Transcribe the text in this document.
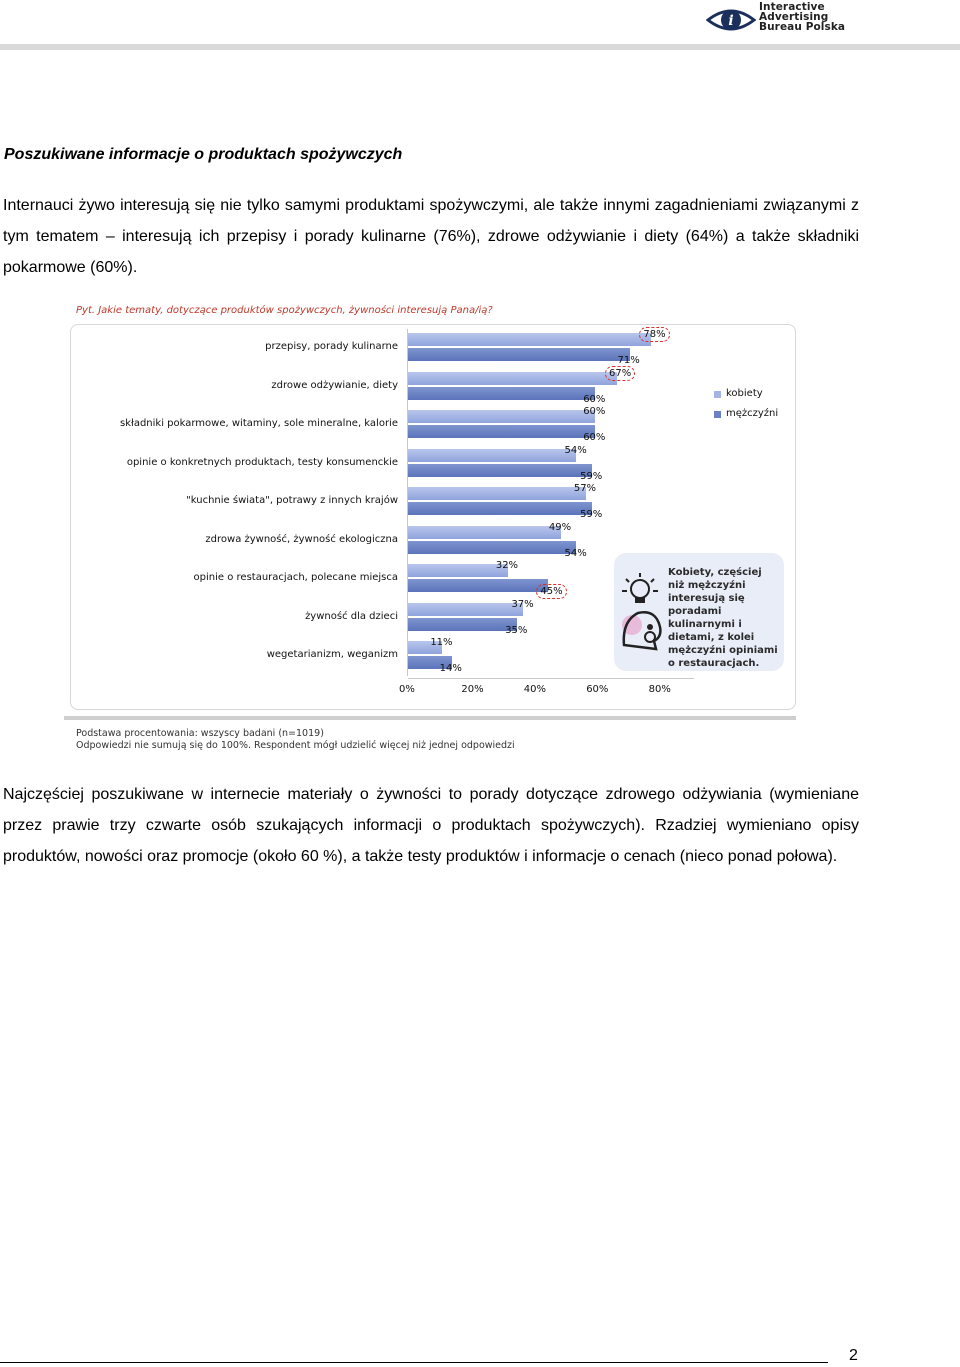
i
Interactive
Advertising
Bureau Polska
Poszukiwane informacje o produktach spożywczych

Internauci żywo interesują się nie tylko samymi produktami spożywczymi, ale także innymi zagadnieniami związanymi z tym tematem – interesują ich przepisy i porady kulinarne (76%), zdrowe odżywianie i diety (64%) a także składniki pokarmowe (60%).

Pyt. Jakie tematy, dotyczące produktów spożywczych, żywności interesują Pana/ią?
przepisy, porady kulinarne
78%
71%
zdrowe odżywianie, diety
67%
60%
składniki pokarmowe, witaminy, sole mineralne, kalorie
60%
60%
opinie o konkretnych produktach, testy konsumenckie
54%
59%
"kuchnie świata", potrawy z innych krajów
57%
59%
zdrowa żywność, żywność ekologiczna
49%
54%
opinie o restauracjach, polecane miejsca
32%
45%
żywność dla dzieci
37%
35%
wegetarianizm, weganizm
11%
14%
0%	20%	40%	60%	80%
kobiety
mężczyźni
Kobiety, częściej niż mężczyźni interesują się poradami kulinarnymi i dietami, z kolei mężczyźni opiniami o restauracjach.
Podstawa procentowania: wszyscy badani (n=1019)
Odpowiedzi nie sumują się do 100%. Respondent mógł udzielić więcej niż jednej odpowiedzi

Najczęściej poszukiwane w internecie materiały o żywności to porady dotyczące zdrowego odżywiania (wymieniane przez prawie trzy czwarte osób szukających informacji o produktach spożywczych). Rzadziej wymieniano opisy produktów, nowości oraz promocje (około 60 %), a także testy produktów i informacje o cenach (nieco ponad połowa).

2
